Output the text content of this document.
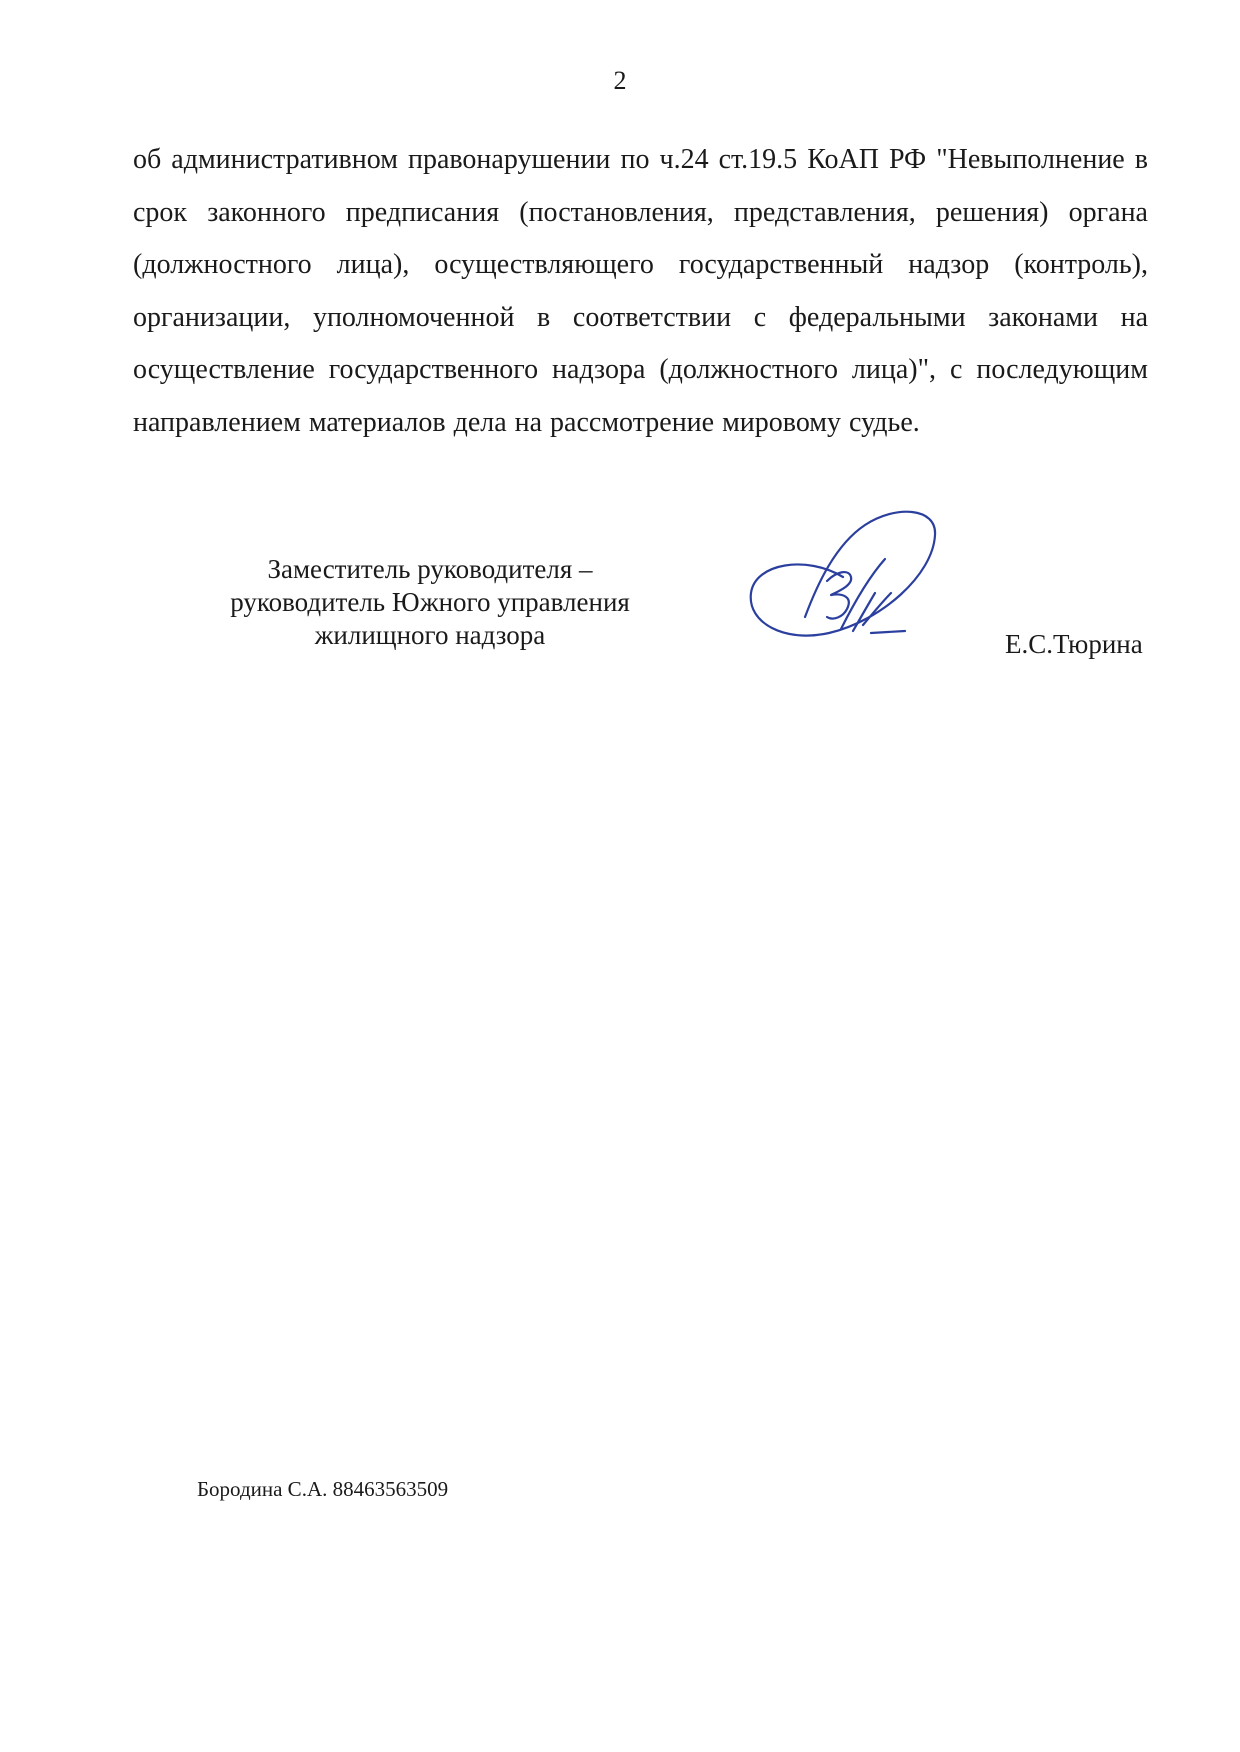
2
об административном правонарушении по ч.24 ст.19.5 КоАП РФ "Невыполнение в срок законного предписания (постановления, представления, решения) органа (должностного лица), осуществляющего государственный надзор (контроль), организации, уполномоченной в соответствии с федеральными законами на осуществление государственного надзора (должностного лица)", с последующим направлением материалов дела на рассмотрение мировому судье.
Заместитель руководителя –
руководитель Южного управления
жилищного надзора	Е.С.Тюрина
Бородина С.А. 88463563509
